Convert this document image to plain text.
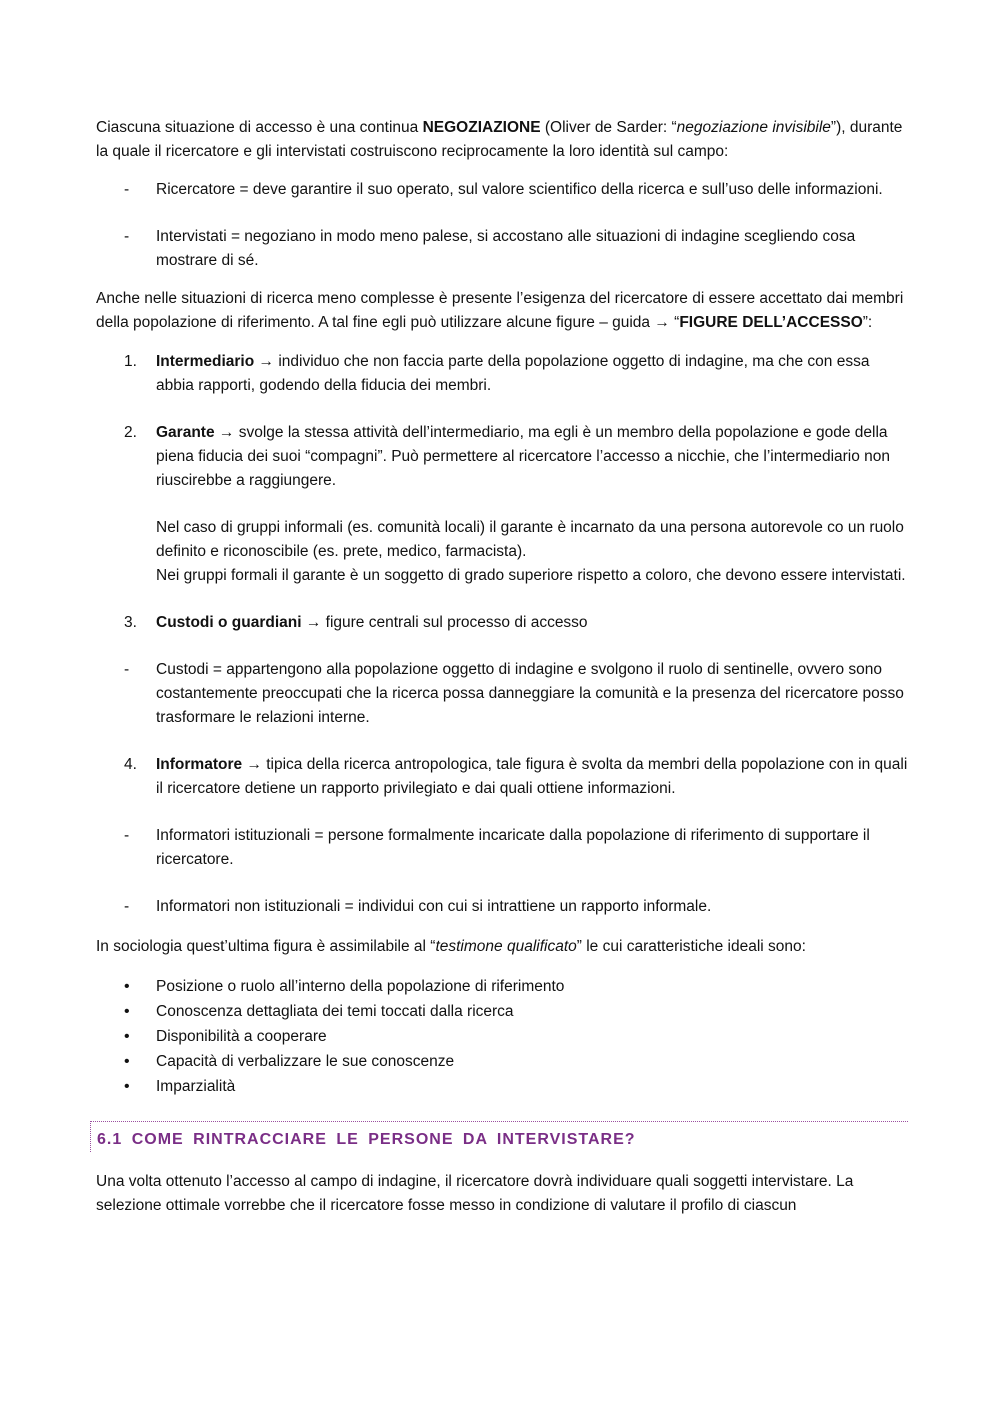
Ciascuna situazione di accesso è una continua NEGOZIAZIONE (Oliver de Sarder: “negoziazione invisibile”), durante la quale il ricercatore e gli intervistati costruiscono reciprocamente la loro identità sul campo:

-	Ricercatore = deve garantire il suo operato, sul valore scientifico della ricerca e sull’uso delle informazioni.

-	Intervistati = negoziano in modo meno palese, si accostano alle situazioni di indagine scegliendo cosa mostrare di sé.

Anche nelle situazioni di ricerca meno complesse è presente l’esigenza del ricercatore di essere accettato dai membri della popolazione di riferimento. A tal fine egli può utilizzare alcune figure – guida → “FIGURE DELL’ACCESSO”:

1.	Intermediario → individuo che non faccia parte della popolazione oggetto di indagine, ma che con essa abbia rapporti, godendo della fiducia dei membri.

2.	Garante → svolge la stessa attività dell’intermediario, ma egli è un membro della popolazione e gode della piena fiducia dei suoi “compagni”. Può permettere al ricercatore l’accesso a nicchie, che l’intermediario non riuscirebbe a raggiungere.

Nel caso di gruppi informali (es. comunità locali) il garante è incarnato da una persona autorevole co un ruolo definito e riconoscibile (es. prete, medico, farmacista).

Nei gruppi formali il garante è un soggetto di grado superiore rispetto a coloro, che devono essere intervistati.

3.	Custodi o guardiani → figure centrali sul processo di accesso

-	Custodi = appartengono alla popolazione oggetto di indagine e svolgono il ruolo di sentinelle, ovvero sono costantemente preoccupati che la ricerca possa danneggiare la comunità e la presenza del ricercatore posso trasformare le relazioni interne.

4.	Informatore → tipica della ricerca antropologica, tale figura è svolta da membri della popolazione con in quali il ricercatore detiene un rapporto privilegiato e dai quali ottiene informazioni.

-	Informatori istituzionali = persone formalmente incaricate dalla popolazione di riferimento di supportare il ricercatore.

-	Informatori non istituzionali = individui con cui si intrattiene un rapporto informale.

In sociologia quest’ultima figura è assimilabile al “testimone qualificato” le cui caratteristiche ideali sono:

•	Posizione o ruolo all’interno della popolazione di riferimento

•	Conoscenza dettagliata dei temi toccati dalla ricerca

•	Disponibilità a cooperare

•	Capacità di verbalizzare le sue conoscenze

•	Imparzialità

6.1 COME RINTRACCIARE LE PERSONE DA INTERVISTARE?

Una volta ottenuto l’accesso al campo di indagine, il ricercatore dovrà individuare quali soggetti intervistare. La selezione ottimale vorrebbe che il ricercatore fosse messo in condizione di valutare il profilo di ciascun
